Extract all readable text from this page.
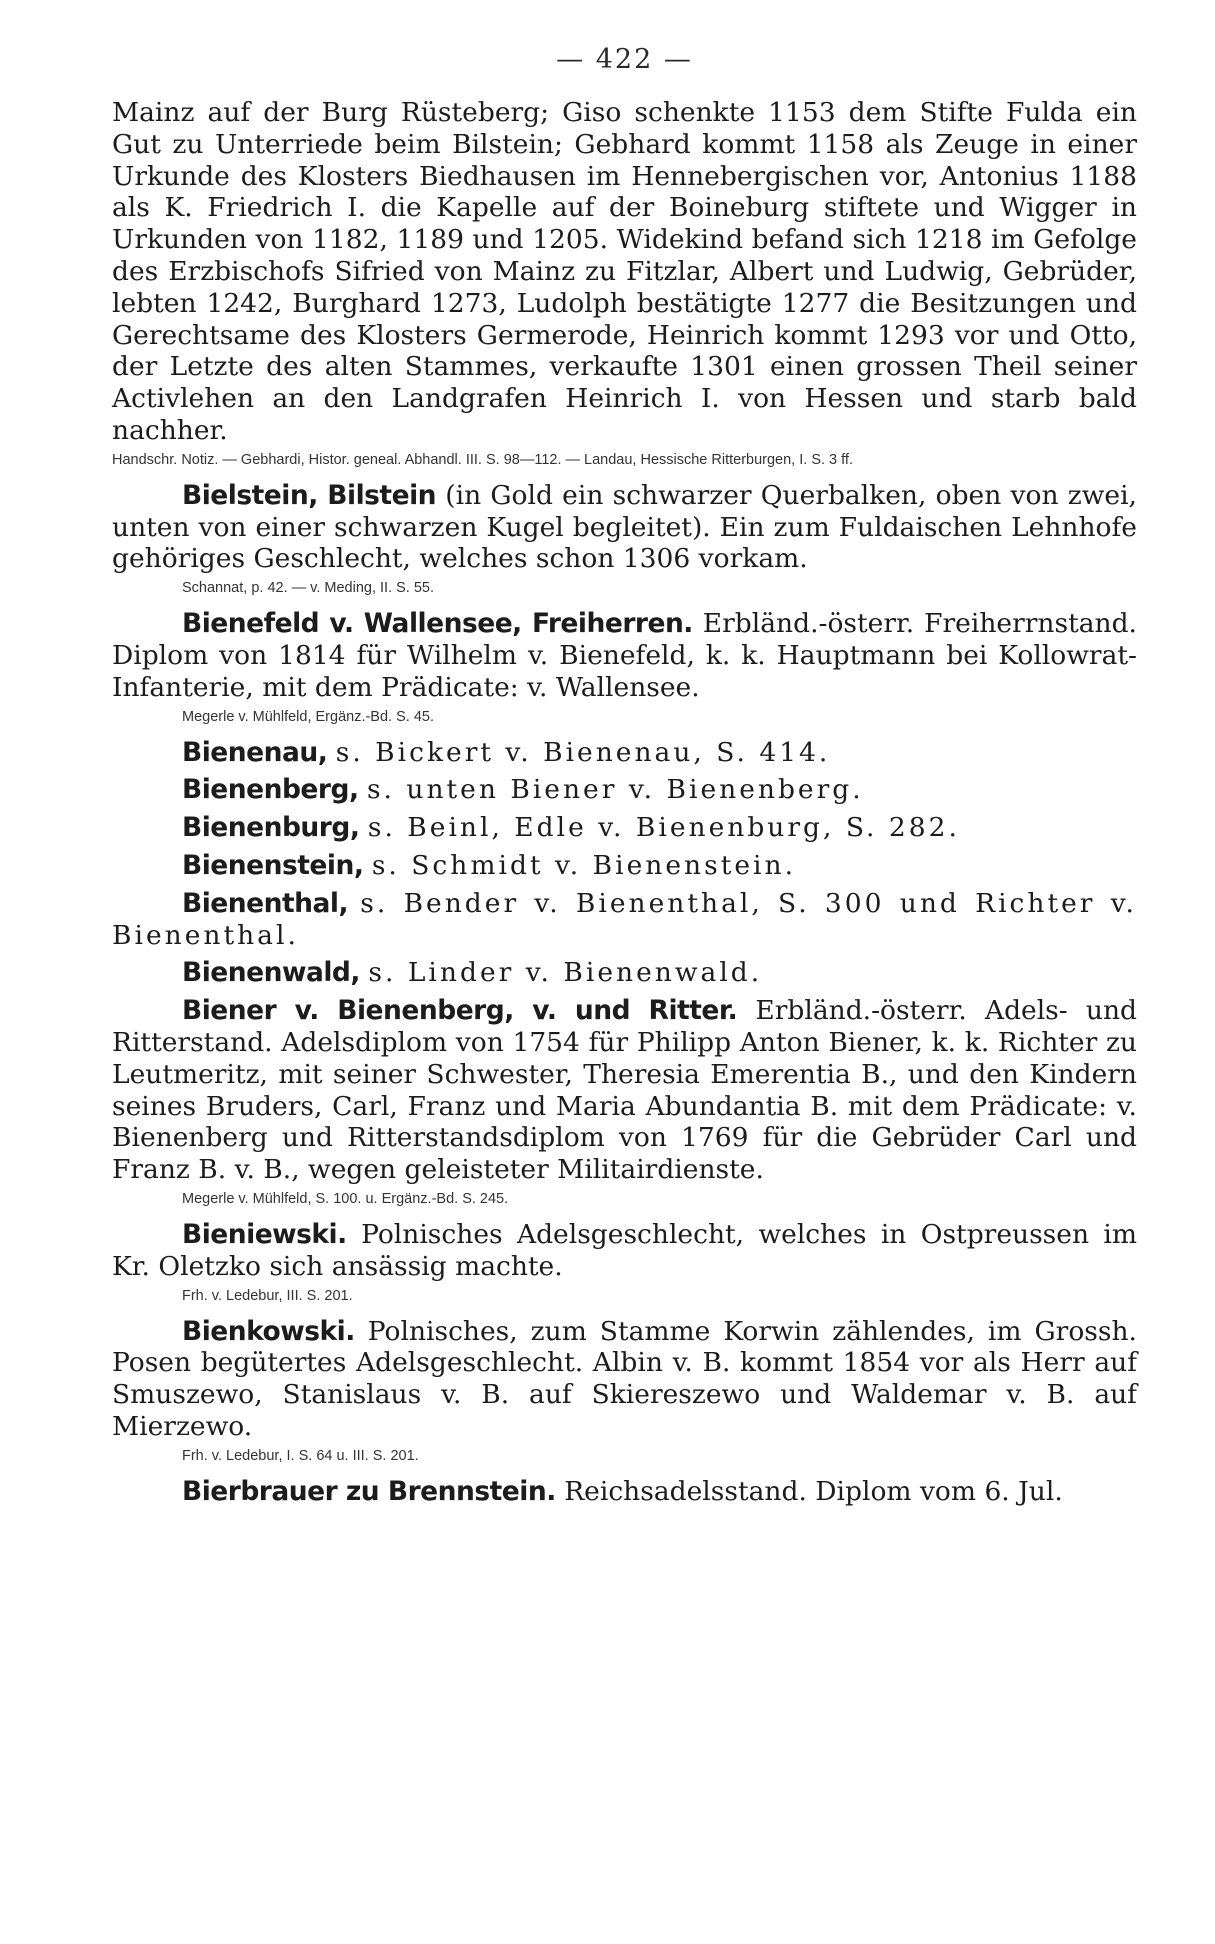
— 422 —

Mainz auf der Burg Rüsteberg; Giso schenkte 1153 dem Stifte Fulda ein Gut zu Unterriede beim Bilstein; Gebhard kommt 1158 als Zeuge in einer Urkunde des Klosters Biedhausen im Hennebergischen vor, Antonius 1188 als K. Friedrich I. die Kapelle auf der Boineburg stiftete und Wigger in Urkunden von 1182, 1189 und 1205. Widekind befand sich 1218 im Gefolge des Erzbischofs Sifried von Mainz zu Fitzlar, Albert und Ludwig, Gebrüder, lebten 1242, Burghard 1273, Ludolph bestätigte 1277 die Besitzungen und Gerechtsame des Klosters Germerode, Heinrich kommt 1293 vor und Otto, der Letzte des alten Stammes, verkaufte 1301 einen grossen Theil seiner Activlehen an den Landgrafen Heinrich I. von Hessen und starb bald nachher.

Handschr. Notiz. — Gebhardi, Histor. geneal. Abhandl. III. S. 98—112. — Landau, Hessische Ritterburgen, I. S. 3 ff.

Bielstein, Bilstein (in Gold ein schwarzer Querbalken, oben von zwei, unten von einer schwarzen Kugel begleitet). Ein zum Fuldaischen Lehnhofe gehöriges Geschlecht, welches schon 1306 vorkam.

Schannat, p. 42. — v. Meding, II. S. 55.

Bienefeld v. Wallensee, Freiherren. Erbländ.-österr. Freiherrnstand. Diplom von 1814 für Wilhelm v. Bienefeld, k. k. Hauptmann bei Kollowrat-Infanterie, mit dem Prädicate: v. Wallensee.

Megerle v. Mühlfeld, Ergänz.-Bd. S. 45.
Bienenau, s. Bickert v. Bienenau, S. 414.
Bienenberg, s. unten Biener v. Bienenberg.
Bienenburg, s. Beinl, Edle v. Bienenburg, S. 282.
Bienenstein, s. Schmidt v. Bienenstein.

Bienenthal, s. Bender v. Bienenthal, S. 300 und Richter v. Bienenthal.

Bienenwald, s. Linder v. Bienenwald.

Biener v. Bienenberg, v. und Ritter. Erbländ.-österr. Adels- und Ritterstand. Adelsdiplom von 1754 für Philipp Anton Biener, k. k. Richter zu Leutmeritz, mit seiner Schwester, Theresia Emerentia B., und den Kindern seines Bruders, Carl, Franz und Maria Abundantia B. mit dem Prädicate: v. Bienenberg und Ritterstandsdiplom von 1769 für die Gebrüder Carl und Franz B. v. B., wegen geleisteter Militairdienste.

Megerle v. Mühlfeld, S. 100. u. Ergänz.-Bd. S. 245.

Bieniewski. Polnisches Adelsgeschlecht, welches in Ostpreussen im Kr. Oletzko sich ansässig machte.

Frh. v. Ledebur, III. S. 201.

Bienkowski. Polnisches, zum Stamme Korwin zählendes, im Grossh. Posen begütertes Adelsgeschlecht. Albin v. B. kommt 1854 vor als Herr auf Smuszewo, Stanislaus v. B. auf Skiereszewo und Waldemar v. B. auf Mierzewo.

Frh. v. Ledebur, I. S. 64 u. III. S. 201.

Bierbrauer zu Brennstein. Reichsadelsstand. Diplom vom 6. Jul.
